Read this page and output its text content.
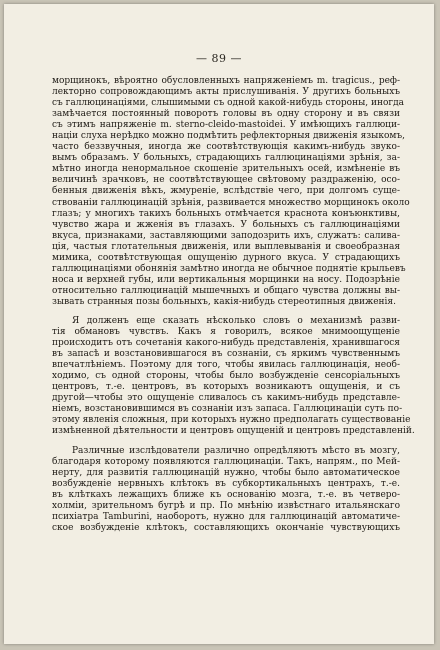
— 89 —
морщинокъ, вѣроятно обусловленныхъ напряженіемъ m. tragicus., реф-
лекторно сопровождающимъ акты прислушиванія. У другихъ больныхъ
съ галлюцинаціями, слышимыми съ одной какой-нибудь стороны, иногда
замѣчается постоянный поворотъ головы въ одну сторону и въ связи
съ этимъ напряженіе m. sterno-cleido-mastoidei. У имѣющихъ галлюци-
націи слуха нерѣдко можно подмѣтить рефлекторныя движенія языкомъ,
часто беззвучныя, иногда же соотвѣтствующія какимъ-нибудь звуко-
вымъ образамъ. У больныхъ, страдающихъ галлюцинаціями зрѣнія, за-
мѣтно иногда ненормальное скошеніе зрительныхъ осей, измѣненіе въ
величинѣ зрачковъ, не соотвѣтствующее свѣтовому раздраженію, осо-
бенныя движенія вѣкъ, жмуреніе, вслѣдствіе чего, при долгомъ суще-
ствованіи галлюцинацій зрѣнія, развивается множество морщинокъ около
глазъ; у многихъ такихъ больныхъ отмѣчается краснота конъюнктивы,
чувство жара и жженія въ глазахъ. У больныхъ съ галлюцинаціями
вкуса, признаками, заставляющими заподозрить ихъ, служатъ: салива-
ція, частыя глотательныя движенія, или выплевыванія и своеобразная
мимика, соотвѣтствующая ощущенію дурного вкуса. У страдающихъ
галлюцинаціями обонянія замѣтно иногда не обычное поднятіе крыльевъ
носа и верхней губы, или вертикальныя морщинки на носу. Подозрѣніе
относительно галлюцинацій мышечныхъ и общаго чувства должны вы-
зывать странныя позы больныхъ, какія-нибудь стереотипныя движенія.
Я долженъ еще сказать нѣсколько словъ о механизмѣ разви-
тія обмановъ чувствъ. Какъ я говорилъ, всякое мнимоощущеніе
происходитъ отъ сочетанія какого-нибудь представленія, хранившагося
въ запасѣ и возстановившагося въ сознаніи, съ яркимъ чувственнымъ
впечатлѣніемъ. Поэтому для того, чтобы явилась галлюцинація, необ-
ходимо, съ одной стороны, чтобы было возбужденіе сенсоріальныхъ
центровъ, т.-е. центровъ, въ которыхъ возникаютъ ощущенія, и съ
другой—чтобы это ощущеніе сливалось съ какимъ-нибудь представле-
ніемъ, возстановившимся въ сознаніи изъ запаса. Галлюцинаціи суть по-
этому явленія сложныя, при которыхъ нужно предполагать существованіе
измѣненной дѣятельности и центровъ ощущеній и центровъ представленій.
Различные изслѣдователи различно опредѣляютъ мѣсто въ мозгу,
благодаря которому появляются галлюцинаціи. Такъ, напрям., по Мей-
нерту, для развитія галлюцинацій нужно, чтобы было автоматическое
возбужденіе нервныхъ клѣтокъ въ субкортикальныхъ центрахъ, т.-е.
въ клѣткахъ лежащихъ ближе къ основанію мозга, т.-е. въ четверо-
холміи, зрительномъ бугрѣ и пр. По мнѣнію извѣстнаго итальянскаго
психіатра Tamburini, наоборотъ, нужно для галлюцинацій автоматиче-
ское возбужденіе клѣтокъ, составляющихъ окончаніе чувствующихъ
